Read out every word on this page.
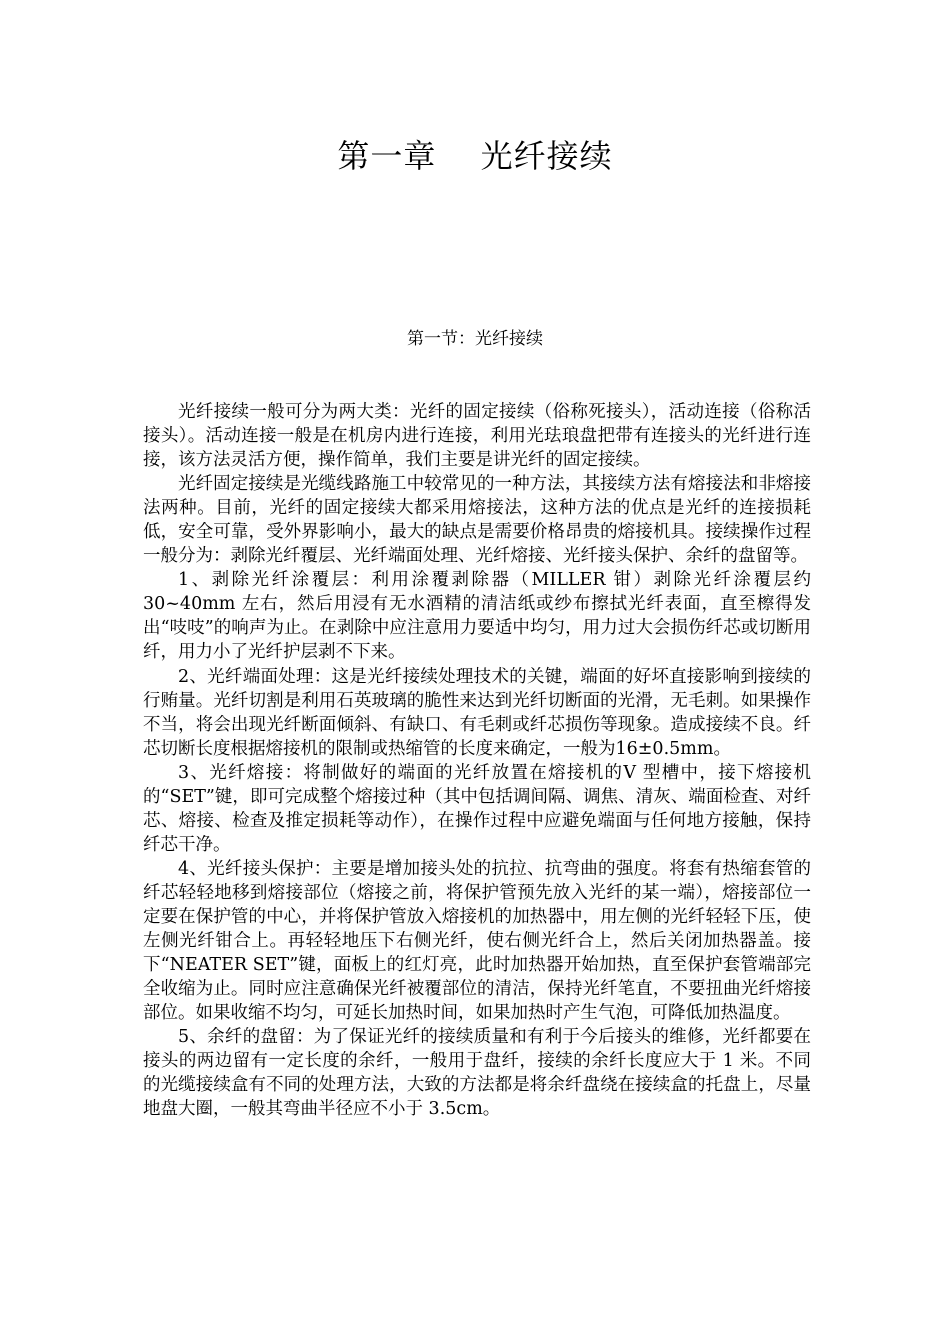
第一章　 光纤接续
第一节：光纤接续

光纤接续一般可分为两大类：光纤的固定接续（俗称死接头），活动连接（俗称活接头）。活动连接一般是在机房内进行连接，利用光珐琅盘把带有连接头的光纤进行连接，该方法灵活方便，操作简单，我们主要是讲光纤的固定接续。

光纤固定接续是光缆线路施工中较常见的一种方法，其接续方法有熔接法和非熔接法两种。目前，光纤的固定接续大都采用熔接法，这种方法的优点是光纤的连接损耗低，安全可靠，受外界影响小，最大的缺点是需要价格昂贵的熔接机具。接续操作过程一般分为：剥除光纤覆层、光纤端面处理、光纤熔接、光纤接头保护、余纤的盘留等。

1、剥除光纤涂覆层：利用涂覆剥除器（MILLER 钳）剥除光纤涂覆层约30~40mm 左右，然后用浸有无水酒精的清洁纸或纱布擦拭光纤表面，直至檫得发出“吱吱”的响声为止。在剥除中应注意用力要适中均匀，用力过大会损伤纤芯或切断用纤，用力小了光纤护层剥不下来。

2、光纤端面处理：这是光纤接续处理技术的关键，端面的好坏直接影响到接续的行贿量。光纤切割是利用石英玻璃的脆性来达到光纤切断面的光滑，无毛刺。如果操作不当，将会出现光纤断面倾斜、有缺口、有毛刺或纤芯损伤等现象。造成接续不良。纤芯切断长度根据熔接机的限制或热缩管的长度来确定，一般为16±0.5mm。

3、光纤熔接：将制做好的端面的光纤放置在熔接机的V 型槽中，接下熔接机的“SET”键，即可完成整个熔接过种（其中包括调间隔、调焦、清灰、端面检查、对纤芯、熔接、检查及推定损耗等动作），在操作过程中应避免端面与任何地方接触，保持纤芯干净。

4、光纤接头保护：主要是增加接头处的抗拉、抗弯曲的强度。将套有热缩套管的纤芯轻轻地移到熔接部位（熔接之前，将保护管预先放入光纤的某一端），熔接部位一定要在保护管的中心，并将保护管放入熔接机的加热器中，用左侧的光纤轻轻下压，使左侧光纤钳合上。再轻轻地压下右侧光纤，使右侧光纤合上，然后关闭加热器盖。接下“NEATER SET”键，面板上的红灯亮，此时加热器开始加热，直至保护套管端部完全收缩为止。同时应注意确保光纤被覆部位的清洁，保持光纤笔直，不要扭曲光纤熔接部位。如果收缩不均匀，可延长加热时间，如果加热时产生气泡，可降低加热温度。

5、余纤的盘留：为了保证光纤的接续质量和有利于今后接头的维修，光纤都要在接头的两边留有一定长度的余纤，一般用于盘纤，接续的余纤长度应大于 1 米。不同的光缆接续盒有不同的处理方法，大致的方法都是将余纤盘绕在接续盒的托盘上，尽量地盘大圈，一般其弯曲半径应不小于 3.5cm。
